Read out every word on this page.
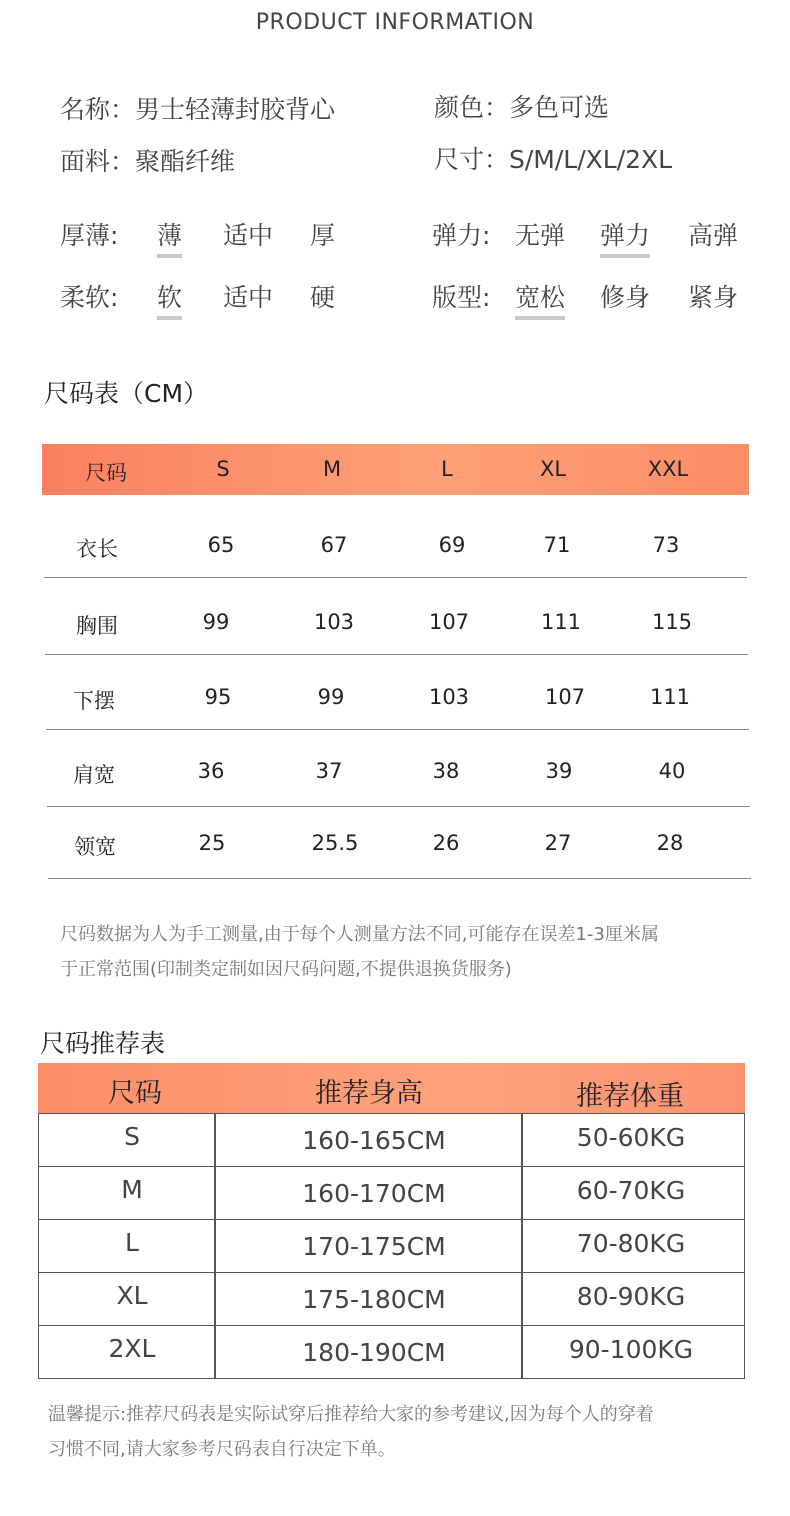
PRODUCT INFORMATION
名称：男士轻薄封胶背心	颜色：多色可选
面料：聚酯纤维	尺寸：S/M/L/XL/2XL
厚薄: 薄 适中 厚	弹力: 无弹 弹力 高弹
柔软: 软 适中 硬	版型: 宽松 修身 紧身
尺码表（CM）
尺码	S	M	L	XL	XXL
衣长	65	67	69	71	73
胸围	99	103	107	111	115
下摆	95	99	103	107	111
肩宽	36	37	38	39	40
领宽	25	25.5	26	27	28
尺码数据为人为手工测量,由于每个人测量方法不同,可能存在误差1-3厘米属
于正常范围(印制类定制如因尺码问题,不提供退换货服务)
尺码推荐表
尺码	推荐身高	推荐体重
S	160-165CM	50-60KG
M	160-170CM	60-70KG
L	170-175CM	70-80KG
XL	175-180CM	80-90KG
2XL	180-190CM	90-100KG
温馨提示:推荐尺码表是实际试穿后推荐给大家的参考建议,因为每个人的穿着
习惯不同,请大家参考尺码表自行决定下单。
